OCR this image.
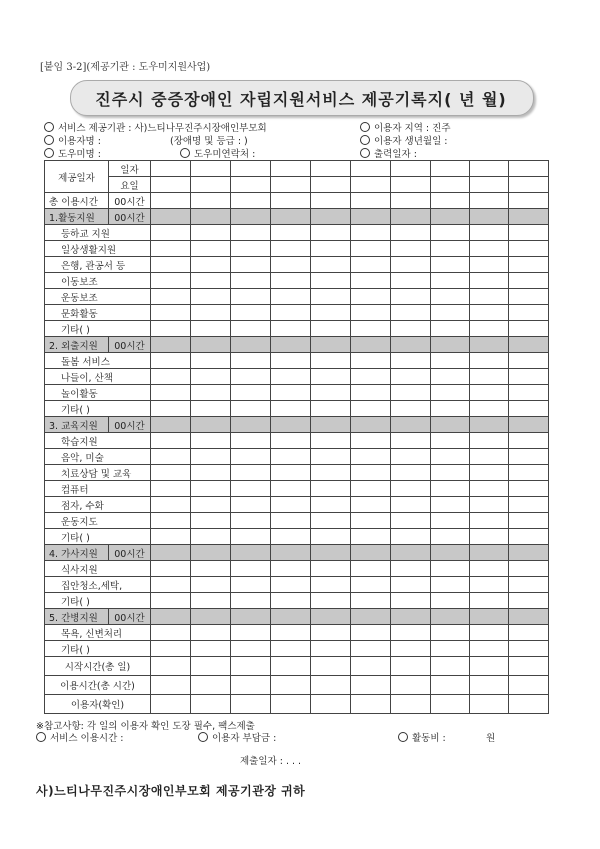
[붙임 3-2](제공기관 : 도우미지원사업)
진주시 중증장애인 자립지원서비스 제공기록지( 년 월)
서비스 제공기관 : 사)느티나무진주시장애인부모회	이용자 지역 : 진주
이용자명 :	(장애명 및 등급 : )	이용자 생년월일 :
도우미명 :	도우미연락처 :	출력일자 :
제공일자	일자										
	요일										
총 이용시간	00시간										
1.활동지원	00시간										
등하교 지원											
일상생활지원											
은행, 관공서 등											
이동보조											
운동보조											
문화활동											
기타( )											
2. 외출지원	00시간										
돌봄 서비스											
나들이, 산책											
놀이활동											
기타( )											
3. 교육지원	00시간										
학습지원											
음악, 미술											
치료상담 및 교육											
컴퓨터											
점자, 수화											
운동지도											
기타( )											
4. 가사지원	00시간										
식사지원											
집안청소,세탁,											
기타( )											
5. 간병지원	00시간										
목욕, 신변처리											
기타( )											
시작시간(총 일)											
이용시간(총 시간)											
이용자(확인)											
※참고사항: 각 일의 이용자 확인 도장 필수, 팩스제출
서비스 이용시간 :	이용자 부담금 :	활동비 :	원
제출일자 : . . .
사)느티나무진주시장애인부모회 제공기관장 귀하
